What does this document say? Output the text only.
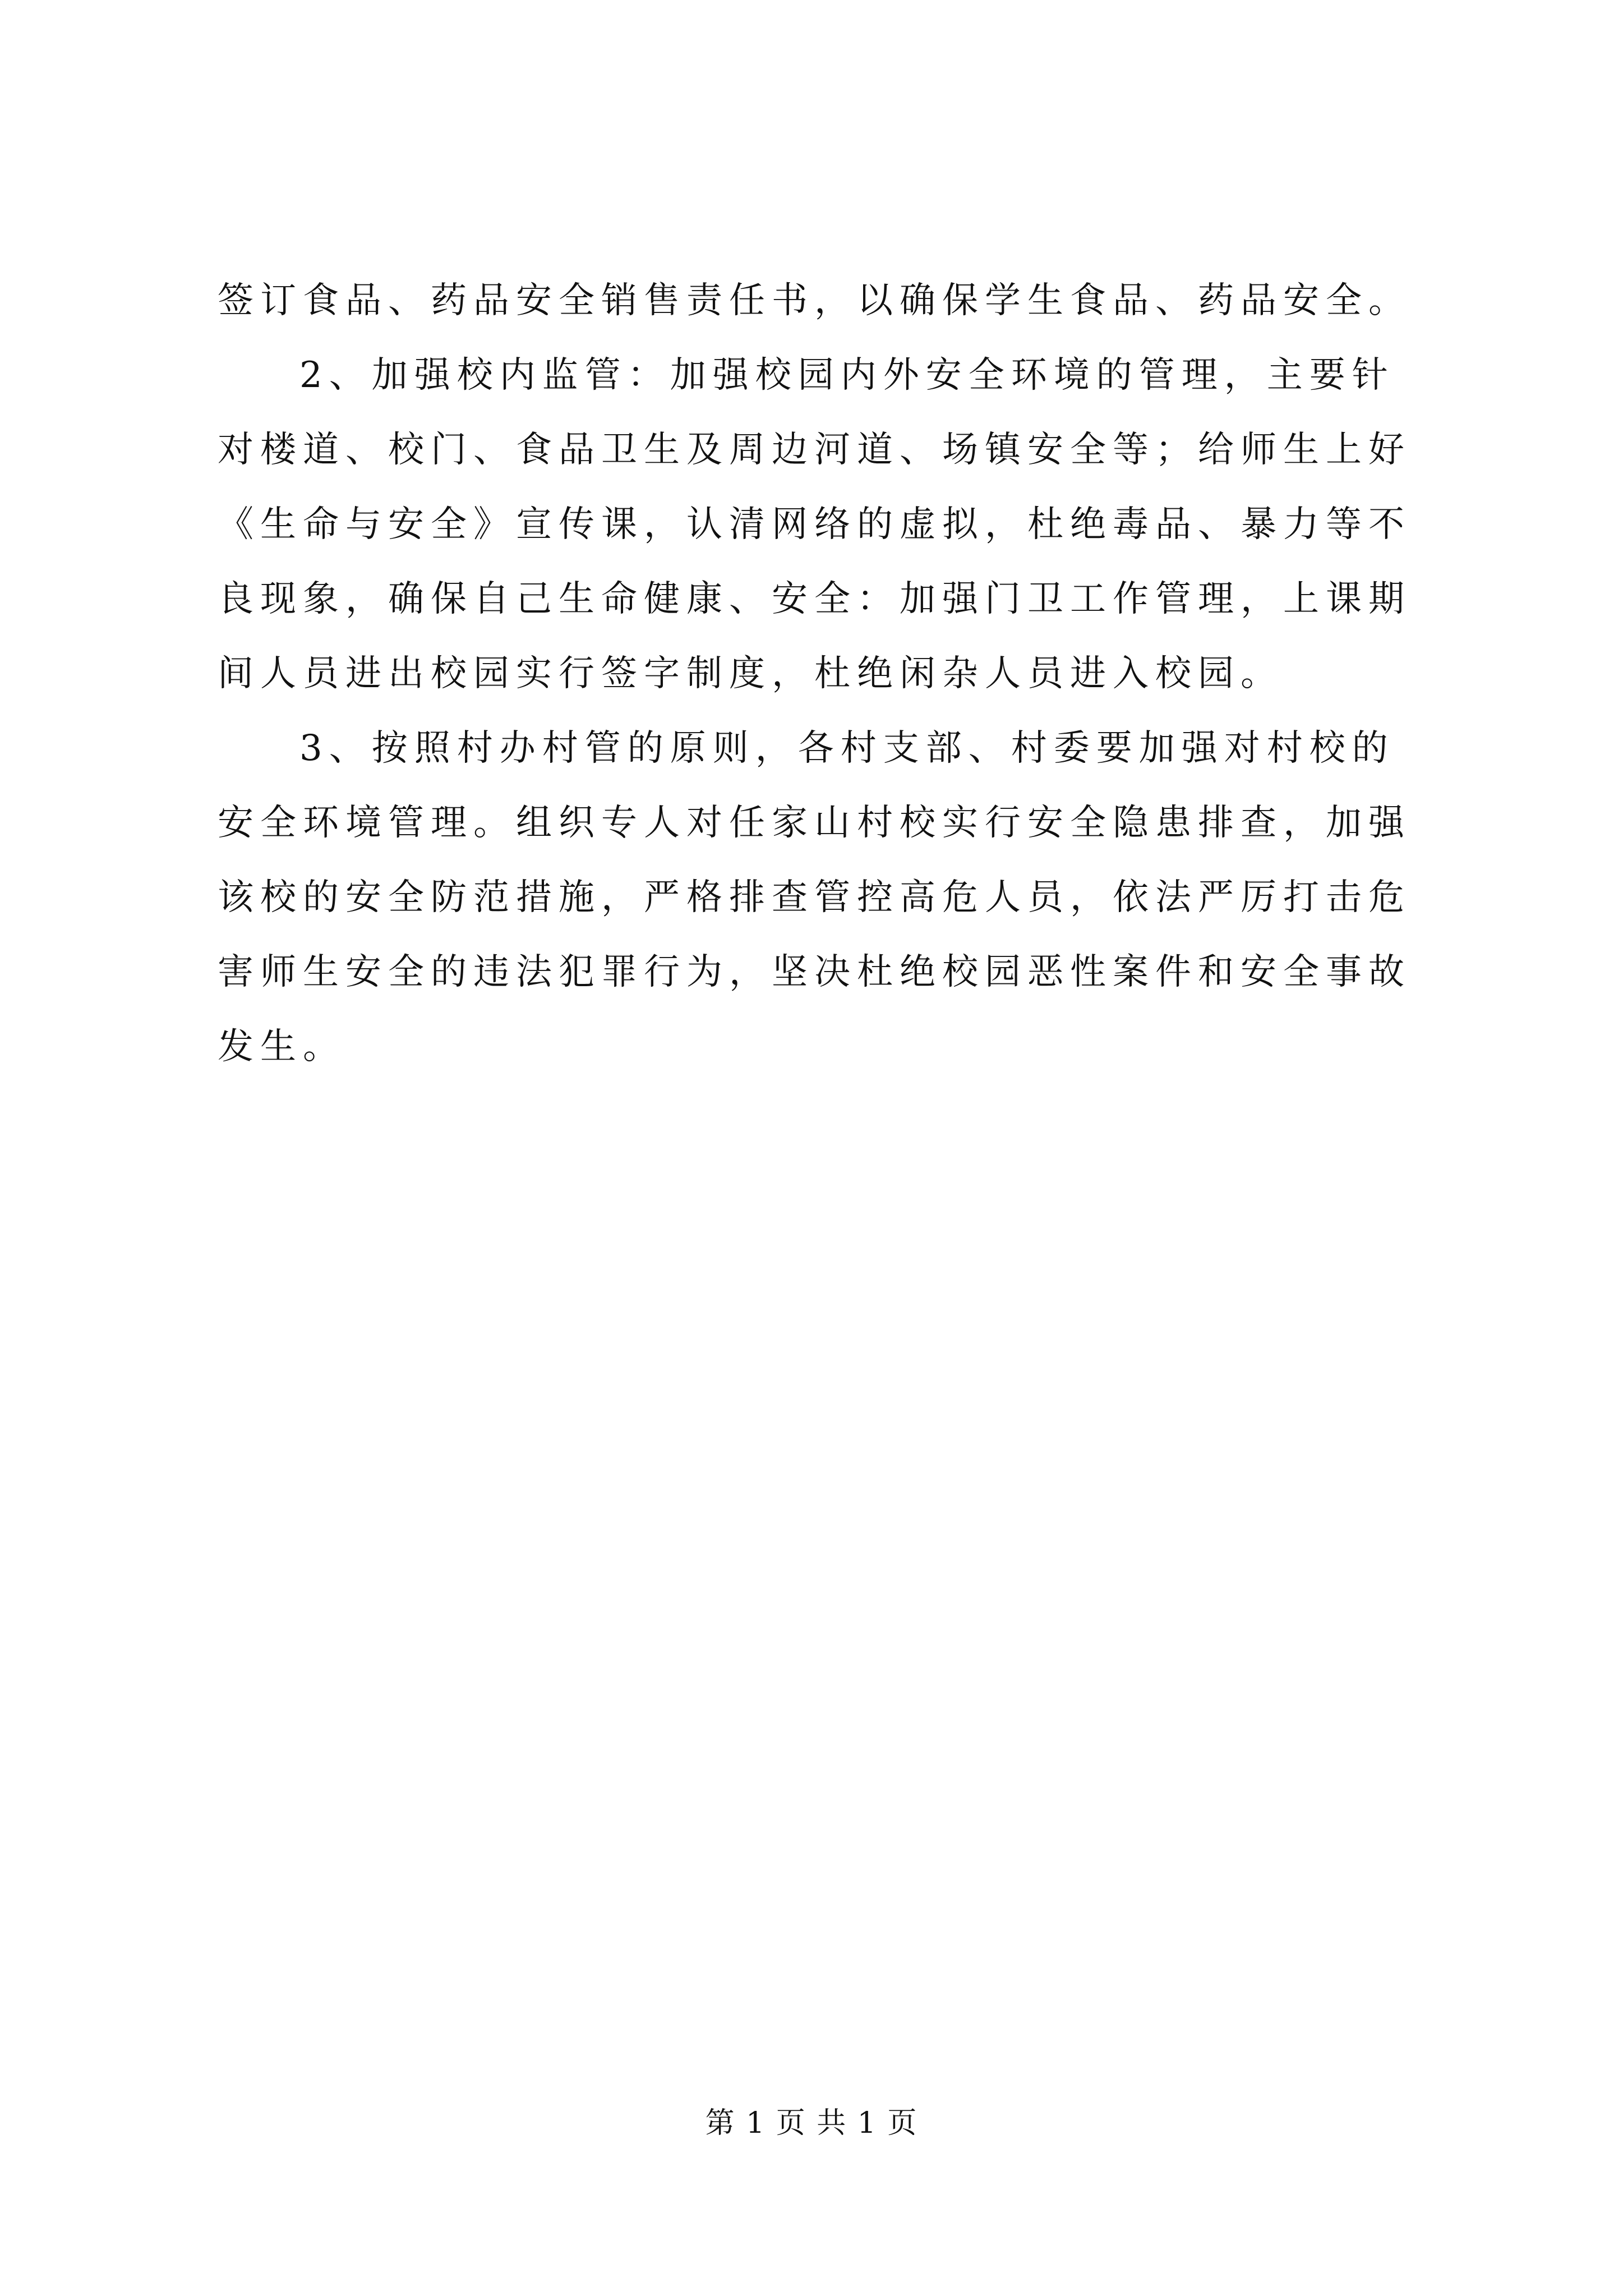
签订食品、药品安全销售责任书，以确保学生食品、药品安全。

2、加强校内监管：加强校园内外安全环境的管理，主要针

对楼道、校门、食品卫生及周边河道、场镇安全等；给师生上好

《生命与安全》宣传课，认清网络的虚拟，杜绝毒品、暴力等不

良现象，确保自己生命健康、安全：加强门卫工作管理，上课期

间人员进出校园实行签字制度，杜绝闲杂人员进入校园。

3、按照村办村管的原则，各村支部、村委要加强对村校的

安全环境管理。组织专人对任家山村校实行安全隐患排查，加强

该校的安全防范措施，严格排查管控高危人员，依法严厉打击危

害师生安全的违法犯罪行为，坚决杜绝校园恶性案件和安全事故

发生。

第 1 页 共 1 页
